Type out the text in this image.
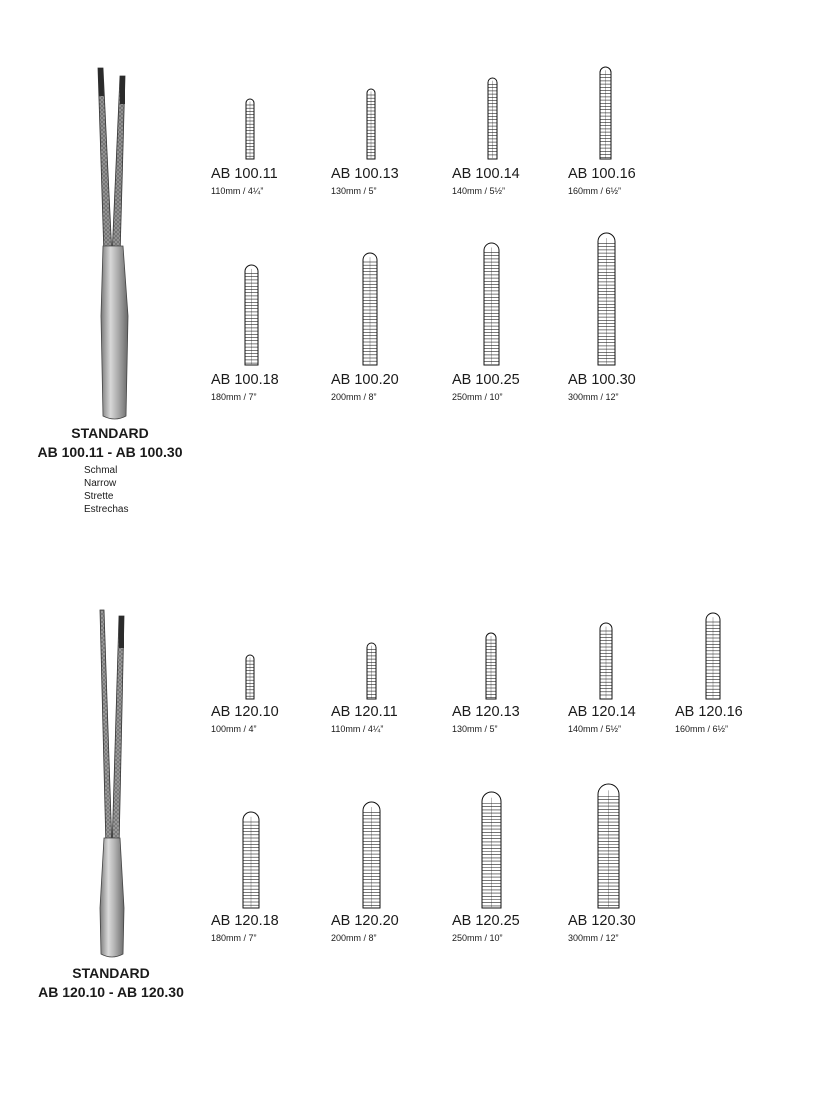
STANDARD
AB 100.11 - AB 100.30
Schmal
Narrow
Strette
Estrechas
AB 100.11
110mm / 4¼”
AB 100.13
130mm / 5”
AB 100.14
140mm / 5½”
AB 100.16
160mm / 6½”
AB 100.18
180mm / 7”
AB 100.20
200mm / 8”
AB 100.25
250mm / 10”
AB 100.30
300mm / 12”
STANDARD
AB 120.10 - AB 120.30
AB 120.10
100mm / 4”
AB 120.11
110mm / 4¼”
AB 120.13
130mm / 5”
AB 120.14
140mm / 5½”
AB 120.16
160mm / 6½”
AB 120.18
180mm / 7”
AB 120.20
200mm / 8”
AB 120.25
250mm / 10”
AB 120.30
300mm / 12”
